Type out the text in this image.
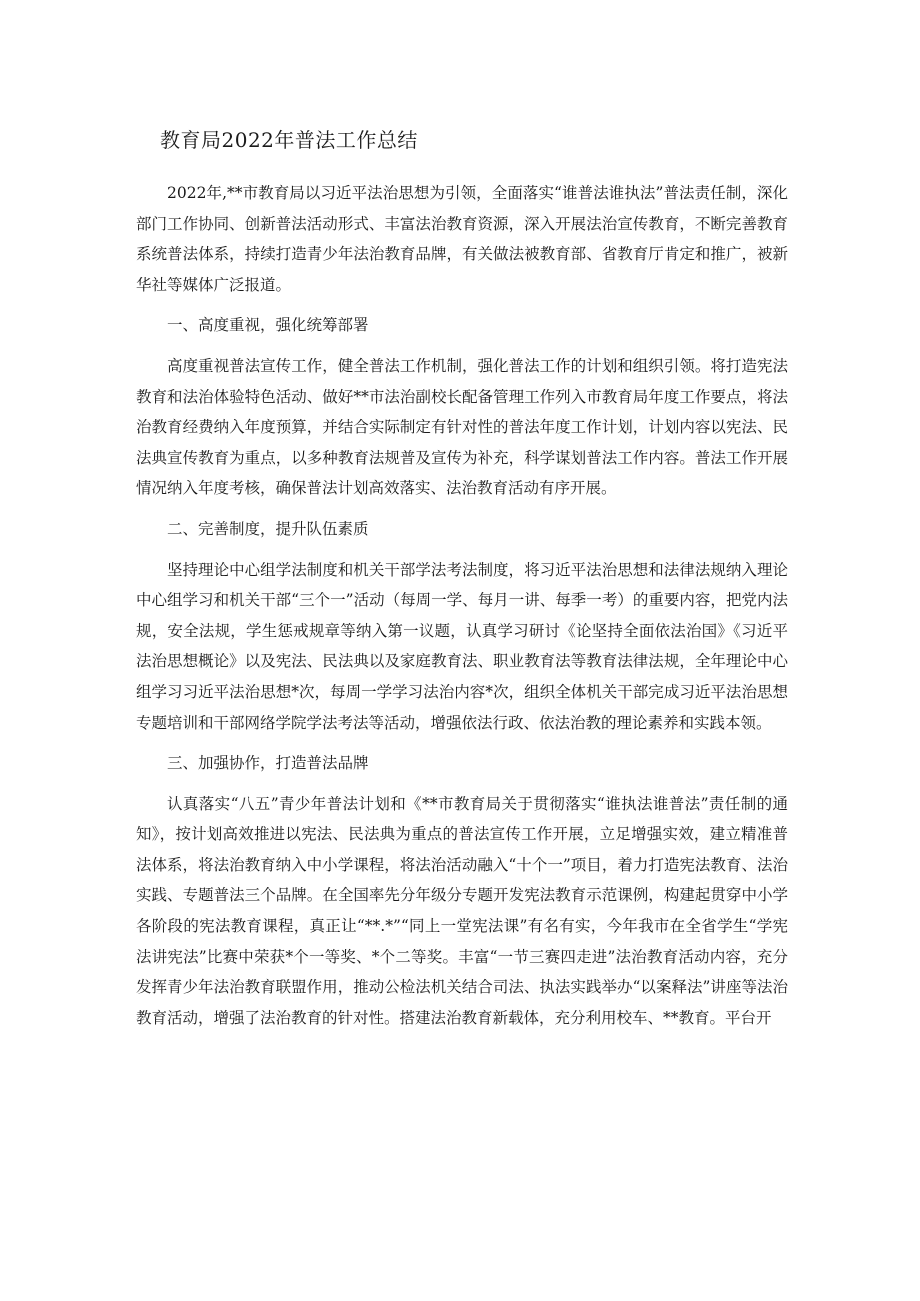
教育局2022年普法工作总结

2022年,**市教育局以习近平法治思想为引领，全面落实“谁普法谁执法”普法责任制，深化部门工作协同、创新普法活动形式、丰富法治教育资源，深入开展法治宣传教育，不断完善教育系统普法体系，持续打造青少年法治教育品牌，有关做法被教育部、省教育厅肯定和推广，被新华社等媒体广泛报道。

一、高度重视，强化统筹部署

高度重视普法宣传工作，健全普法工作机制，强化普法工作的计划和组织引领。将打造宪法教育和法治体验特色活动、做好**市法治副校长配备管理工作列入市教育局年度工作要点，将法治教育经费纳入年度预算，并结合实际制定有针对性的普法年度工作计划，计划内容以宪法、民法典宣传教育为重点，以多种教育法规普及宣传为补充，科学谋划普法工作内容。普法工作开展情况纳入年度考核，确保普法计划高效落实、法治教育活动有序开展。

二、完善制度，提升队伍素质

坚持理论中心组学法制度和机关干部学法考法制度，将习近平法治思想和法律法规纳入理论中心组学习和机关干部“三个一”活动（每周一学、每月一讲、每季一考）的重要内容，把党内法规，安全法规，学生惩戒规章等纳入第一议题，认真学习研讨《论坚持全面依法治国》《习近平法治思想概论》以及宪法、民法典以及家庭教育法、职业教育法等教育法律法规，全年理论中心组学习习近平法治思想*次，每周一学学习法治内容*次，组织全体机关干部完成习近平法治思想专题培训和干部网络学院学法考法等活动，增强依法行政、依法治教的理论素养和实践本领。

三、加强协作，打造普法品牌

认真落实“八五”青少年普法计划和《**市教育局关于贯彻落实“谁执法谁普法”责任制的通知》，按计划高效推进以宪法、民法典为重点的普法宣传工作开展，立足增强实效，建立精准普法体系，将法治教育纳入中小学课程，将法治活动融入“十个一”项目，着力打造宪法教育、法治实践、专题普法三个品牌。在全国率先分年级分专题开发宪法教育示范课例，构建起贯穿中小学各阶段的宪法教育课程，真正让“**.*”“同上一堂宪法课”有名有实，今年我市在全省学生“学宪法讲宪法”比赛中荣获*个一等奖、*个二等奖。丰富“一节三赛四走进”法治教育活动内容，充分发挥青少年法治教育联盟作用，推动公检法机关结合司法、执法实践举办“以案释法”讲座等法治教育活动，增强了法治教育的针对性。搭建法治教育新载体，充分利用校车、**教育。平台开
